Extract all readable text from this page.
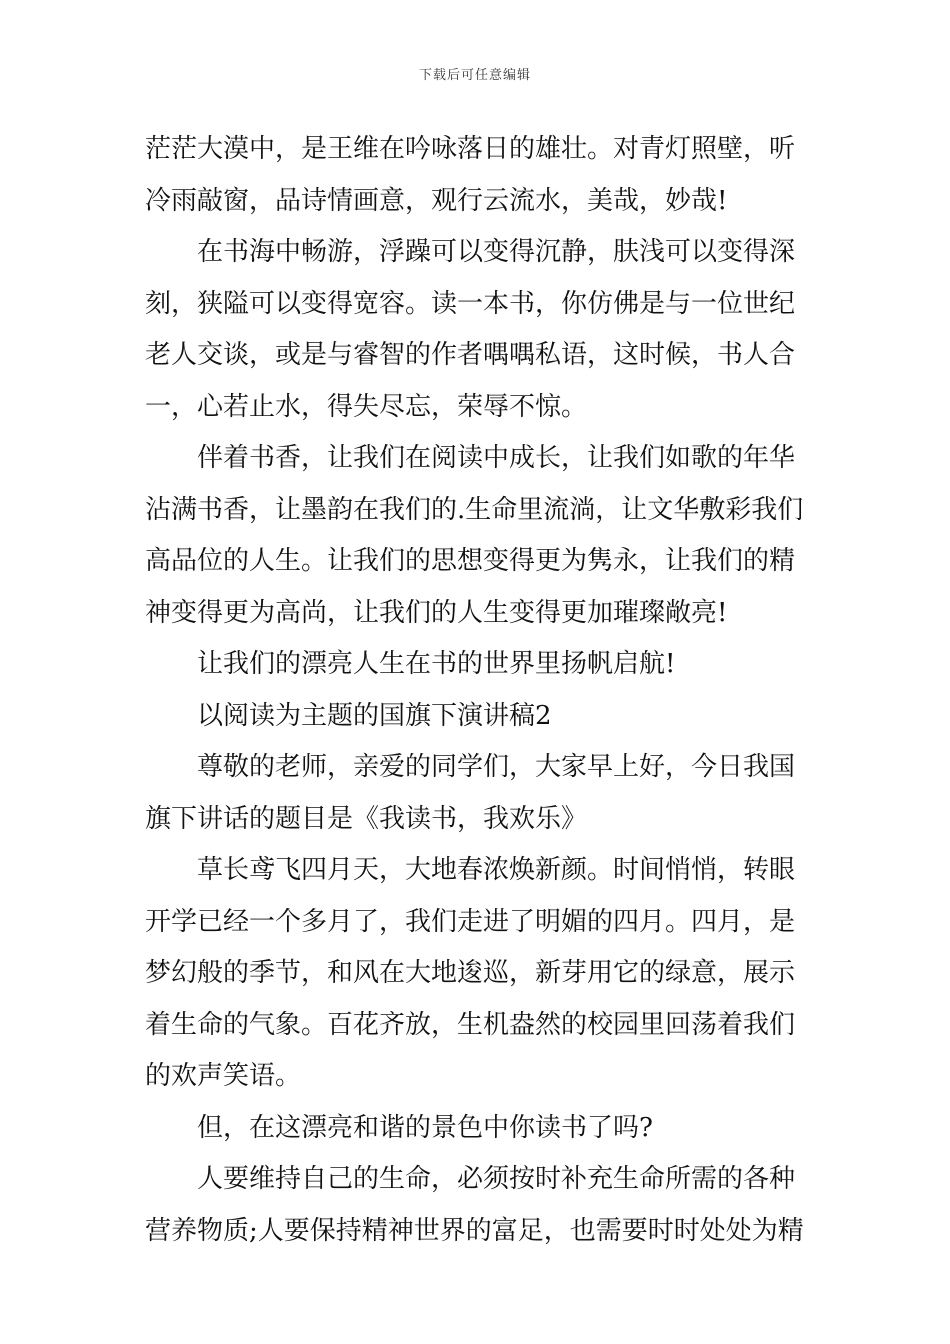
下载后可任意编辑
茫茫大漠中，是王维在吟咏落日的雄壮。对青灯照壁，听
冷雨敲窗，品诗情画意，观行云流水，美哉，妙哉!
在书海中畅游，浮躁可以变得沉静，肤浅可以变得深
刻，狭隘可以变得宽容。读一本书，你仿佛是与一位世纪
老人交谈，或是与睿智的作者喁喁私语，这时候，书人合
一，心若止水，得失尽忘，荣辱不惊。
伴着书香，让我们在阅读中成长，让我们如歌的年华
沾满书香，让墨韵在我们的.生命里流淌，让文华敷彩我们
高品位的人生。让我们的思想变得更为隽永，让我们的精
神变得更为高尚，让我们的人生变得更加璀璨敞亮!
让我们的漂亮人生在书的世界里扬帆启航!
以阅读为主题的国旗下演讲稿2
尊敬的老师，亲爱的同学们，大家早上好，今日我国
旗下讲话的题目是《我读书，我欢乐》
草长鸢飞四月天，大地春浓焕新颜。时间悄悄，转眼
开学已经一个多月了，我们走进了明媚的四月。四月，是
梦幻般的季节，和风在大地逡巡，新芽用它的绿意，展示
着生命的气象。百花齐放，生机盎然的校园里回荡着我们
的欢声笑语。
但，在这漂亮和谐的景色中你读书了吗?
人要维持自己的生命，必须按时补充生命所需的各种
营养物质;人要保持精神世界的富足，也需要时时处处为精
